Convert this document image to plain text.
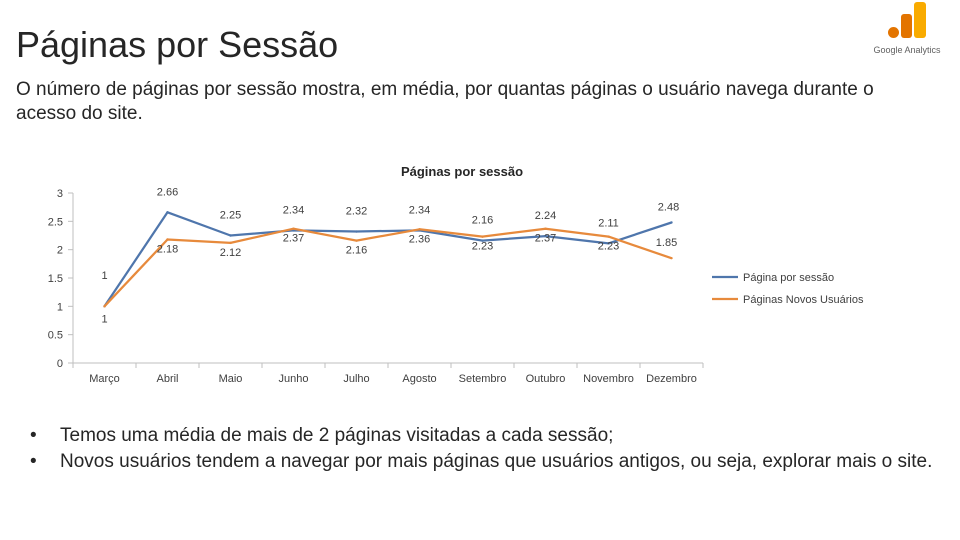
Páginas por Sessão	Google Analytics
O número de páginas por sessão mostra, em média, por quantas páginas o usuário navega durante o acesso do site.
Páginas por sessão
0
0.5
1
1.5
2
2.5
3
Março	Abril	Maio	Junho	Julho	Agosto Setembro Outubro Novembro Dezembro
1
2.66
2.25	2.34	2.32	2.34
2.16	2.24
2.11
2.48
1
2.18	2.12
2.37
2.16
2.36
2.23
2.37
2.23	1.85
Página por sessão
Páginas Novos Usuários
• Temos uma média de mais de 2 páginas visitadas a cada sessão;
• Novos usuários tendem a navegar por mais páginas que usuários antigos, ou seja, explorar mais o site.
